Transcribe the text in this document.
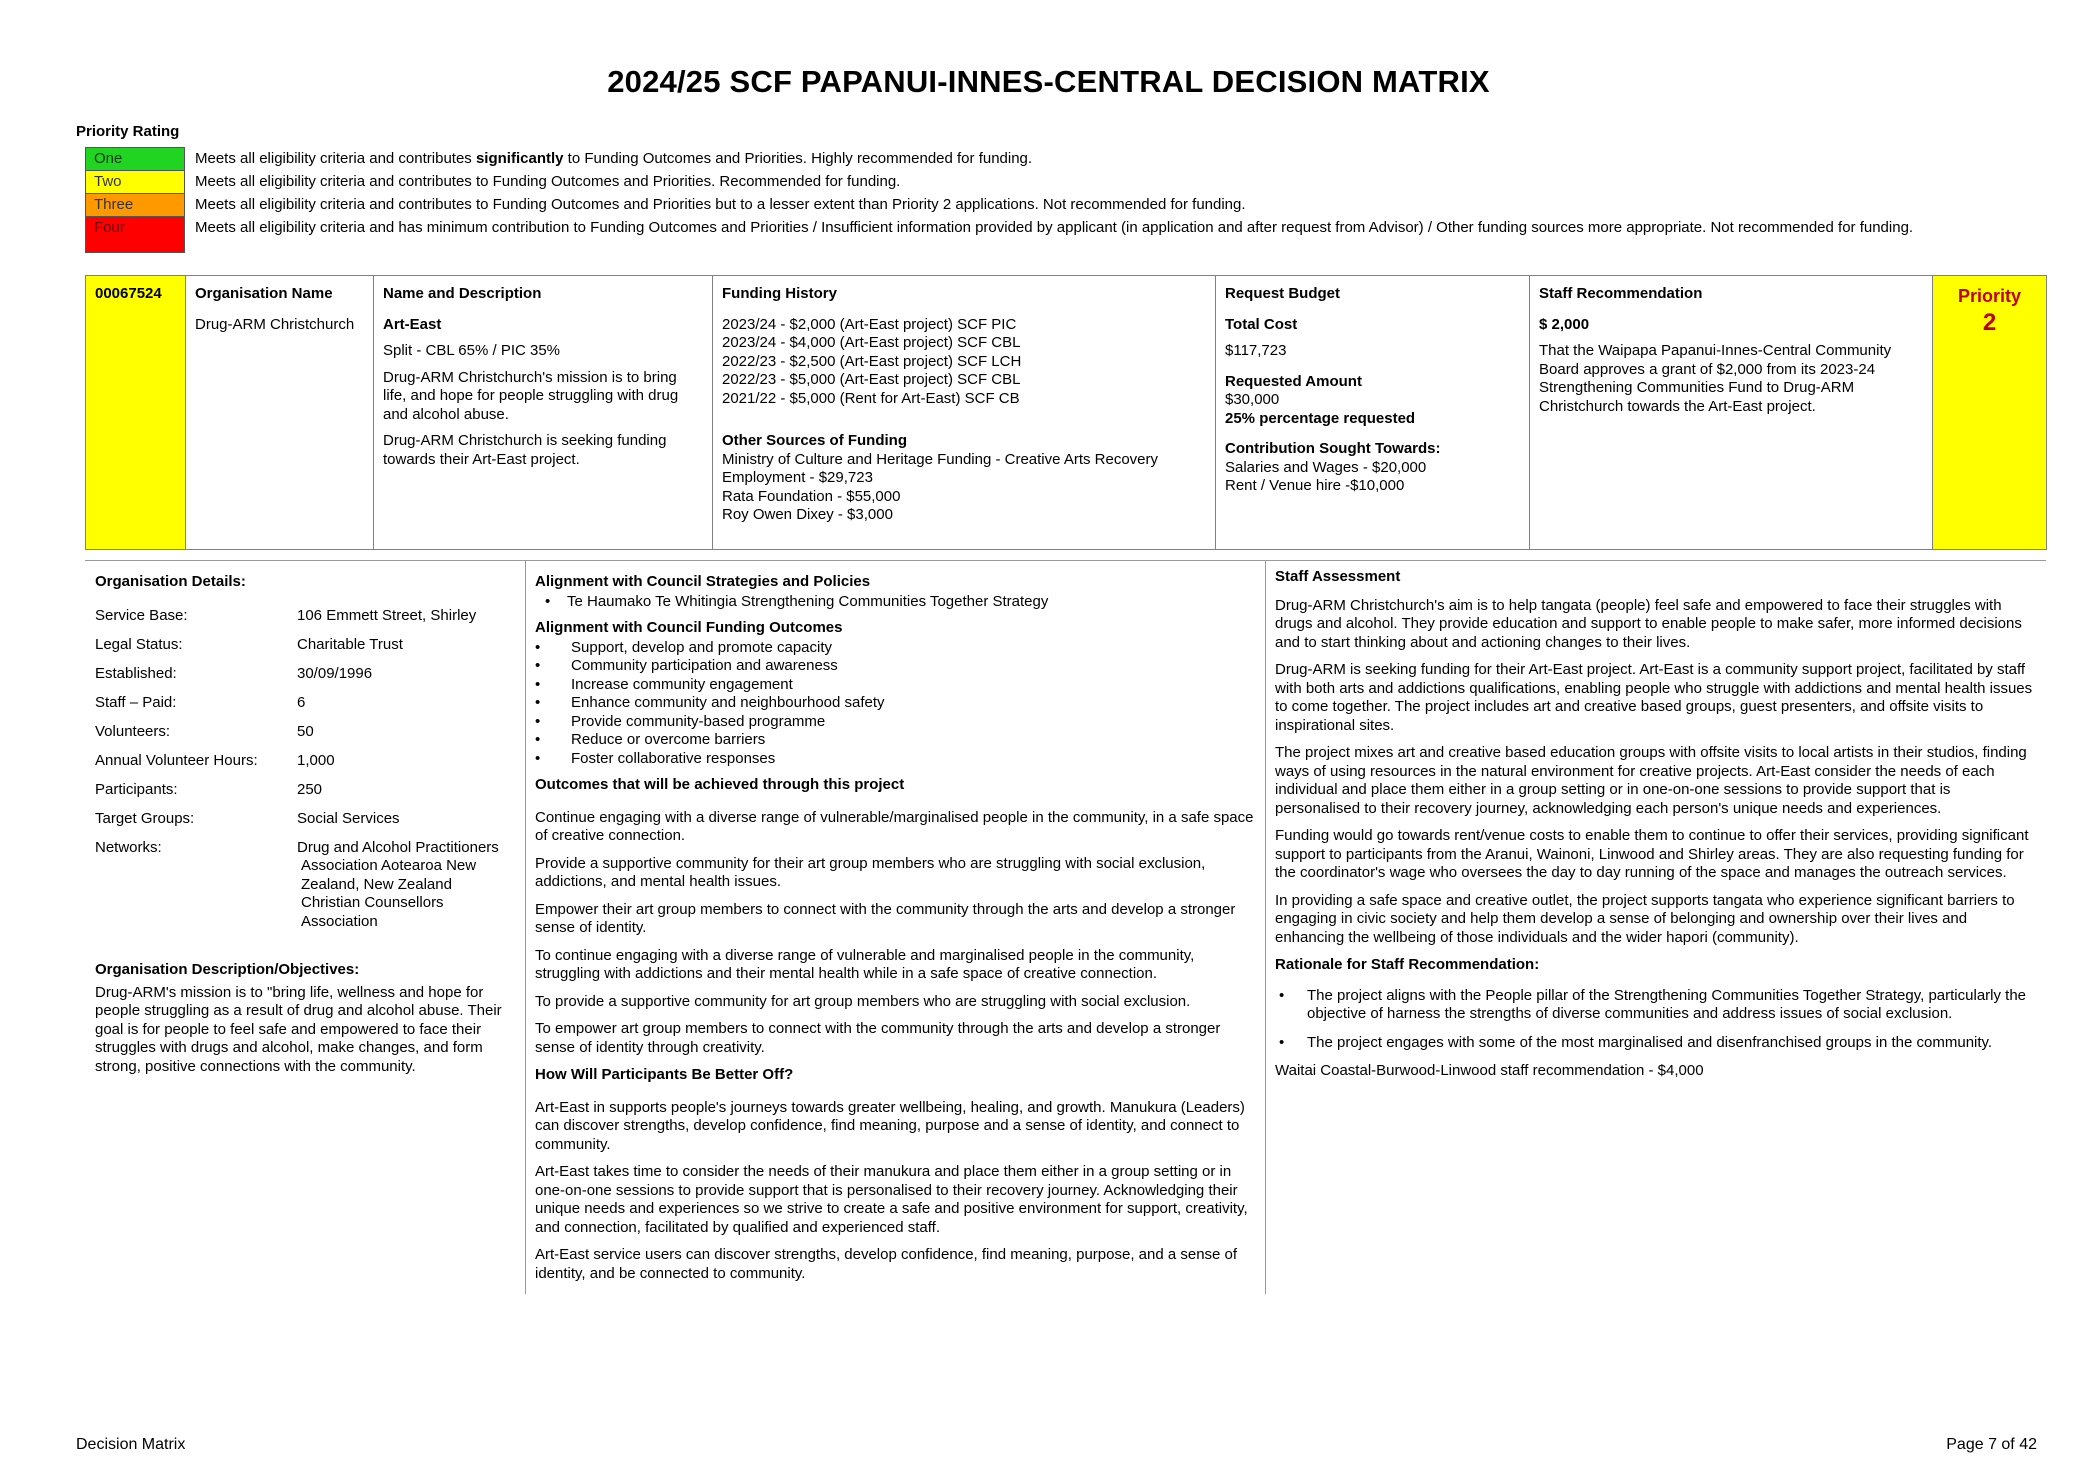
2024/25 SCF PAPANUI-INNES-CENTRAL DECISION MATRIX
Priority Rating
One	Meets all eligibility criteria and contributes significantly to Funding Outcomes and Priorities. Highly recommended for funding.
Two	Meets all eligibility criteria and contributes to Funding Outcomes and Priorities. Recommended for funding.
Three	Meets all eligibility criteria and contributes to Funding Outcomes and Priorities but to a lesser extent than Priority 2 applications. Not recommended for funding.
Four	Meets all eligibility criteria and has minimum contribution to Funding Outcomes and Priorities / Insufficient information provided by applicant (in application and after request from Advisor) / Other funding sources more appropriate. Not recommended for funding.
00067524	Organisation Name
Drug-ARM Christchurch

Name and Description
Art-East
Split - CBL 65% / PIC 35%
Drug-ARM Christchurch's mission is to bring life, and hope for people struggling with drug and alcohol abuse.
Drug-ARM Christchurch is seeking funding towards their Art-East project.

Funding History
2023/24 - $2,000 (Art-East project) SCF PIC
2023/24 - $4,000 (Art-East project) SCF CBL
2022/23 - $2,500 (Art-East project) SCF LCH
2022/23 - $5,000 (Art-East project) SCF CBL
2021/22 - $5,000 (Rent for Art-East) SCF CB
Other Sources of Funding
Ministry of Culture and Heritage Funding - Creative Arts Recovery Employment - $29,723
Rata Foundation - $55,000
Roy Owen Dixey - $3,000

Request Budget
Total Cost
$117,723
Requested Amount
$30,000
25% percentage requested
Contribution Sought Towards:
Salaries and Wages - $20,000
Rent / Venue hire -$10,000

Staff Recommendation
$ 2,000
That the Waipapa Papanui-Innes-Central Community Board approves a grant of $2,000 from its 2023-24 Strengthening Communities Fund to Drug-ARM Christchurch towards the Art-East project.

Priority
2
Organisation Details:
Service Base:	106 Emmett Street, Shirley
Legal Status:	Charitable Trust
Established:	30/09/1996
Staff – Paid:	6
Volunteers:	50
Annual Volunteer Hours:	1,000
Participants:	250
Target Groups:	Social Services
Networks:	Drug and Alcohol Practitioners
Association Aotearoa New
Zealand, New Zealand
Christian Counsellors
Association
Organisation Description/Objectives:

Drug-ARM's mission is to "bring life, wellness and hope for people struggling as a result of drug and alcohol abuse. Their goal is for people to feel safe and empowered to face their struggles with drugs and alcohol, make changes, and form strong, positive connections with the community.

Alignment with Council Strategies and Policies
• Te Haumako Te Whitingia Strengthening Communities Together Strategy
Alignment with Council Funding Outcomes
• Support, develop and promote capacity
• Community participation and awareness
• Increase community engagement
• Enhance community and neighbourhood safety
• Provide community-based programme
• Reduce or overcome barriers
• Foster collaborative responses
Outcomes that will be achieved through this project

Continue engaging with a diverse range of vulnerable/marginalised people in the community, in a safe space of creative connection.

Provide a supportive community for their art group members who are struggling with social exclusion, addictions, and mental health issues.

Empower their art group members to connect with the community through the arts and develop a stronger sense of identity.

To continue engaging with a diverse range of vulnerable and marginalised people in the community, struggling with addictions and their mental health while in a safe space of creative connection.

To provide a supportive community for art group members who are struggling with social exclusion.

To empower art group members to connect with the community through the arts and develop a stronger sense of identity through creativity.

How Will Participants Be Better Off?

Art-East in supports people's journeys towards greater wellbeing, healing, and growth. Manukura (Leaders) can discover strengths, develop confidence, find meaning, purpose and a sense of identity, and connect to community.

Art-East takes time to consider the needs of their manukura and place them either in a group setting or in one-on-one sessions to provide support that is personalised to their recovery journey. Acknowledging their unique needs and experiences so we strive to create a safe and positive environment for support, creativity, and connection, facilitated by qualified and experienced staff.

Art-East service users can discover strengths, develop confidence, find meaning, purpose, and a sense of identity, and be connected to community.

Staff Assessment

Drug-ARM Christchurch's aim is to help tangata (people) feel safe and empowered to face their struggles with drugs and alcohol. They provide education and support to enable people to make safer, more informed decisions and to start thinking about and actioning changes to their lives.

Drug-ARM is seeking funding for their Art-East project. Art-East is a community support project, facilitated by staff with both arts and addictions qualifications, enabling people who struggle with addictions and mental health issues to come together. The project includes art and creative based groups, guest presenters, and offsite visits to inspirational sites.

The project mixes art and creative based education groups with offsite visits to local artists in their studios, finding ways of using resources in the natural environment for creative projects. Art-East consider the needs of each individual and place them either in a group setting or in one-on-one sessions to provide support that is personalised to their recovery journey, acknowledging each person's unique needs and experiences.

Funding would go towards rent/venue costs to enable them to continue to offer their services, providing significant support to participants from the Aranui, Wainoni, Linwood and Shirley areas. They are also requesting funding for the coordinator's wage who oversees the day to day running of the space and manages the outreach services.

In providing a safe space and creative outlet, the project supports tangata who experience significant barriers to engaging in civic society and help them develop a sense of belonging and ownership over their lives and enhancing the wellbeing of those individuals and the wider hapori (community).

Rationale for Staff Recommendation:
• The project aligns with the People pillar of the Strengthening Communities Together Strategy, particularly the objective of harness the strengths of diverse communities and address issues of social exclusion.
• The project engages with some of the most marginalised and disenfranchised groups in the community.

Waitai Coastal-Burwood-Linwood staff recommendation - $4,000

Decision Matrix	Page 7 of 42
